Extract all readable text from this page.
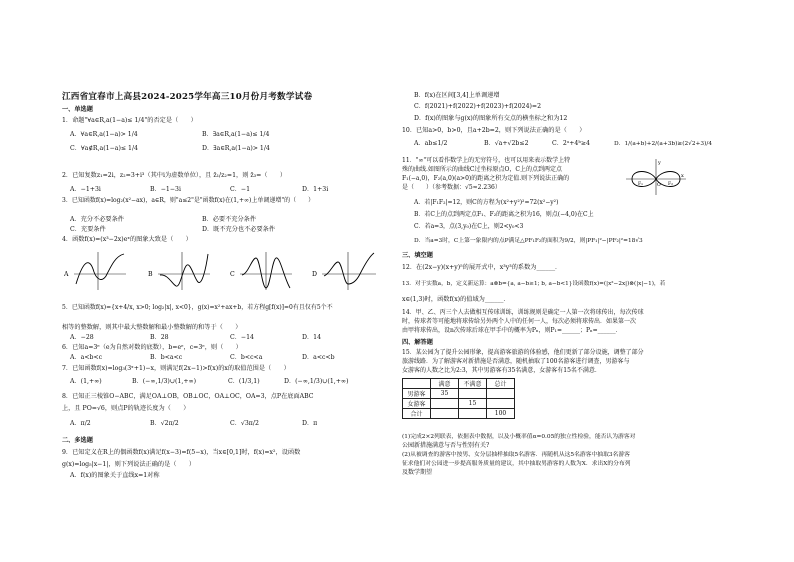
江西省宜春市上高县2024-2025学年高三10月份月考数学试卷
一、单选题
1．命题"∀a∈R,a(1−a)≤ 1/4"的否定是（　　）
A．∀a∈R,a(1−a)> 1/4	B．∃a∈R,a(1−a)≤ 1/4
C．∀a∉R,a(1−a)≤ 1/4	D．∃a∈R,a(1−a)> 1/4
2．已知复数z₁=2i，z₂=3+i³（其中i为虚数单位），且 z̄₁/z₂=1，则 z̄₃=（　　）
A．−1+3i	B．−1−3i	C．−1	D．1+3i
3．已知函数f(x)=log₂(x²−ax)，a∈R，则"a≤2"是"函数f(x)在(1,+∞)上单调递增"的（　　）
A．充分不必要条件	B．必要不充分条件
C．充要条件	D．既不充分也不必要条件
4．函数f(x)=(x³−2x)eˣ的图象大致是（　　）
A	B	C	D
5．已知函数f(x)={x+4/x, x>0; log₂|x|, x<0}，g(x)=x²+ax+b，若方程g[f(x)]=0有且仅有5个不
相等的整数解，则其中最大整数解和最小整数解的和等于（　　）
A．−28	B．28	C．−14	D．14
6．已知a=3ᵉ（e为自然对数的底数），b=eᵉ，c=3ᵉ，则（　　）
A．a<b<c	B．b<a<c	C．b<c<a	D．a<c<b
7．已知函数f(x)=log₃(3ˣ+1)−x，则满足f(2x−1)>f(x)的x的取值范围是（　　）
A．(1,+∞)	B．(−∞,1/3)∪(1,+∞)	C．(1/3,1)	D．(−∞,1/3)∪(1,+∞)
8．已知正三棱锥O−ABC，满足OA⊥OB，OB⊥OC，OA⊥OC，OA=3，点P在底面ABC
上，且 PO=√6，则点P的轨迹长度为（　　）
A．π/2	B．√2π/2	C．√3π/2	D．π
二、多选题
9．已知定义在R上的偶函数f(x)满足f(x−3)=f(5−x)，当x∈[0,1]时，f(x)=x²，设函数
g(x)=log₅|x−1|，则下列说法正确的是（　　）
A．f(x)的图象关于直线x=1对称
B．f(x)在区间[3,4]上单调递增
C．f(2021)+f(2022)+f(2023)+f(2024)=2
D．f(x)的图象与g(x)的图象所有交点的横坐标之和为12
10．已知a>0，b>0，且a+2b=2，则下列说法正确的是（　　）
A．ab≤1/2	B．√a+√2b≤2	C．2ᵃ+4ᵇ≥4	D．1/(a+b)+2/(a+3b)≥(2√2+3)/4
11．"∞"可以看作数学上的无穷符号，也可以用来表示数学上特
殊的曲线.如图所示的曲线C过坐标原点O，C上的点到两定点
F₁(−a,0)，F₂(a,0)(a>0)的距离之积为定值.则下列说法正确的
是（　　）（参考数据：√5≈2.236）
x
y
F₁	F₂
O
A．若|F₁F₂|=12，则C的方程为(x²+y²)²=72(x²−y²)
B．若C上的点到两定点F₁、F₂的距离之积为16，则点(−4,0)在C上
C．若a=3，点(3,y₀)在C上，则2<y₀<3
D．当a=3时，C上第一象限内的点P满足△PF₁F₂的面积为9/2，则|PF₁|²−|PF₂|²=18√3
三、填空题
12．在(2x−y)(x+y)⁵的展开式中，x³y³的系数为______．
13．对于实数a，b，定义新运算：a⊗b={a, a−b≥1; b, a−b<1}设函数f(x)=(|x²−2x|)⊗(|x|−1)，若
x∈(1,3)时，函数f(x)的值域为______．
14．甲、乙、丙三个人去做相互传球训练，训练规则是确定一人第一次将球传出，每次传球
时，传球者等可能地将球传给另外两个人中的任何一人，每次必须将球传出．如果第一次
由甲将球传出，设n次传球后球在甲手中的概率为Pₙ，则P₁=______；Pₙ=______．
四、解答题
15．某公园为了提升公园形象，提高游客旅游的体验感，他们更新了部分设施，调整了部分
旅游线路．为了解游客对新措施是否满意，随机抽取了100名游客进行调查，男游客与
女游客的人数之比为2:3，其中男游客有35名满意，女游客有15名不满意．
	满意	不满意	总计
男游客	35		
女游客		15	
合计			100
(1)完成2×2列联表，依据表中数据，以及小概率值α=0.05的独立性检验，能否认为游客对
公园新措施满意与否与性别有关?
(2)从被调查的游客中按男、女分层抽样抽取5名游客．再随机从这5名游客中抽取3名游客
征求他们对公园进一步提高服务质量的建议，其中抽取男游客的人数为X．求出X的分布列
及数学期望
